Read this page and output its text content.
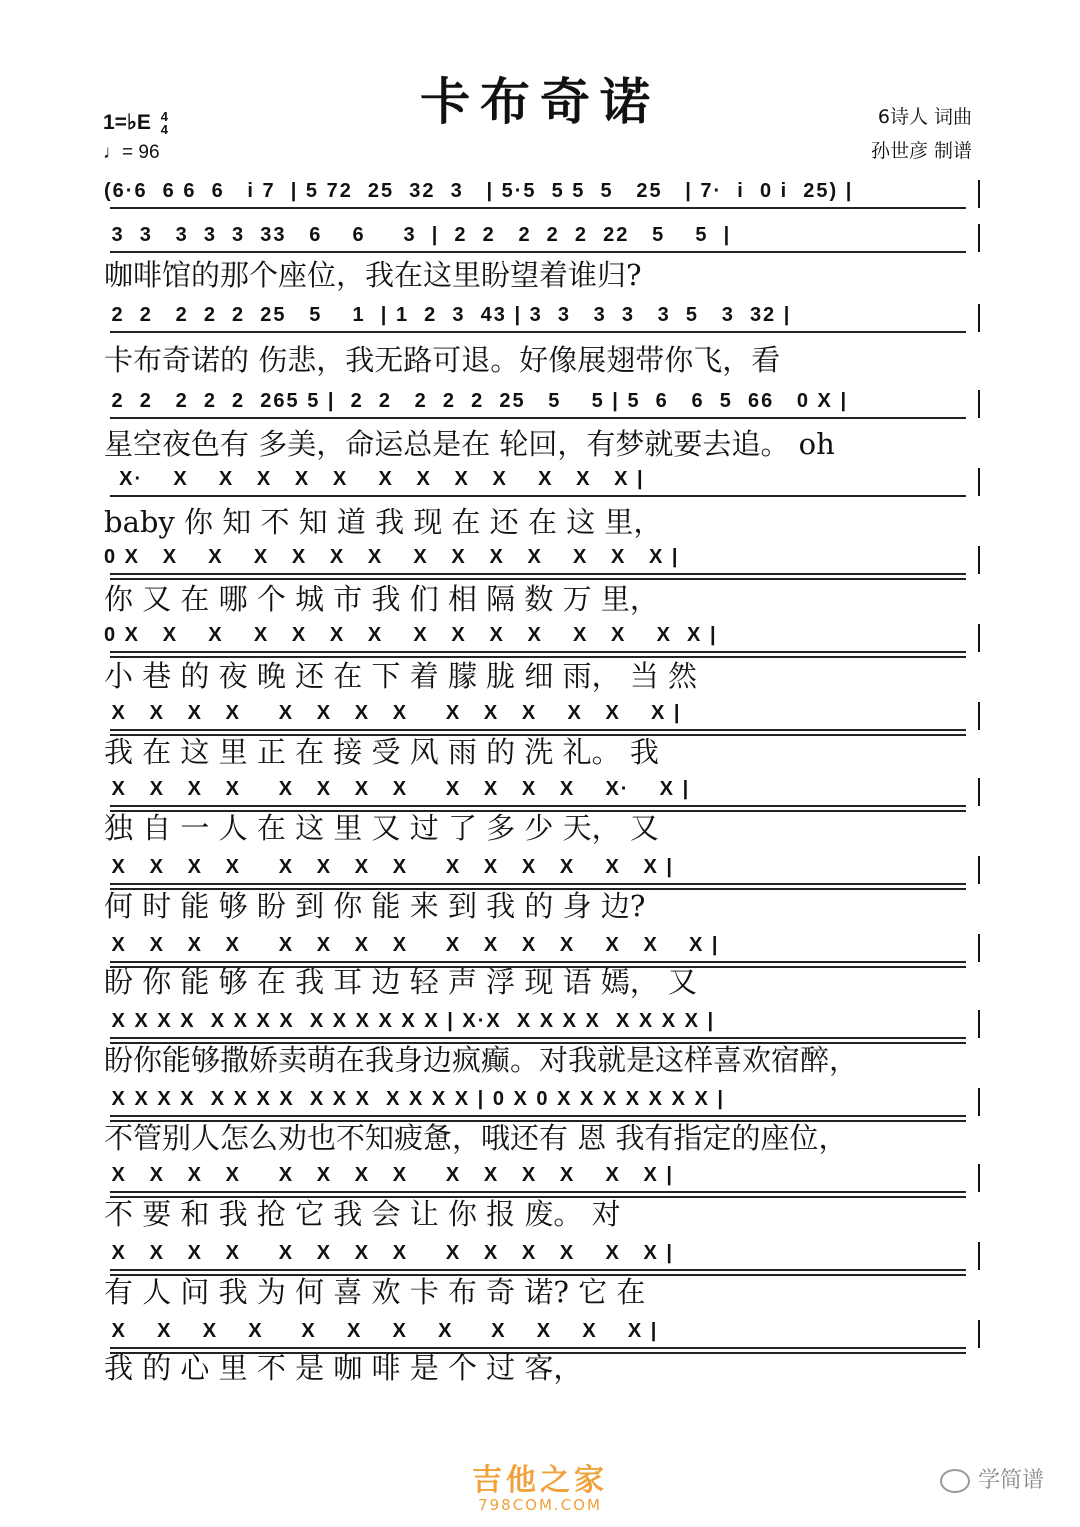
卡布奇诺
1=♭E 4
4
♩= 96
6诗人 词曲
孙世彦 制谱
(6·6  6 6  6   i 7  | 5 72  25  32  3   | 5·5  5 5  5   25   | 7·  i  0 i  25) |
3  3   3  3  3  33   6    6     3  |  2  2   2  2  2  22   5    5  |
咖啡馆的那个座位，我在这里盼望着谁归?
2  2   2  2  2  25   5    1  | 1  2  3  43 | 3  3   3  3   3  5   3  32 |
卡布奇诺的 伤悲，我无路可退。好像展翅带你飞，看
2  2   2  2  2  265 5 |  2  2   2  2  2  25   5    5 | 5  6   6  5  66   0 X |
星空夜色有 多美，命运总是在 轮回，有梦就要去追。 oh
X·    X    X   X   X   X    X   X   X   X    X   X   X |
baby 你 知 不 知 道 我 现 在 还 在 这 里，
0 X   X    X    X   X   X   X    X   X   X   X    X   X   X |
你 又 在 哪 个 城 市 我 们 相 隔 数 万 里，
0 X   X    X    X   X   X   X    X   X   X   X    X   X    X  X |
小 巷 的 夜 晚 还 在 下 着 朦 胧 细 雨， 当 然
X   X   X   X     X   X   X   X     X   X   X    X   X    X |
我 在 这 里 正 在 接 受 风 雨 的 洗 礼。 我
X   X   X   X     X   X   X   X     X   X   X   X    X·    X |
独 自 一 人 在 这 里 又 过 了 多 少 天， 又
X   X   X   X     X   X   X   X     X   X   X   X    X   X |
何 时 能 够 盼 到 你 能 来 到 我 的 身 边?
X   X   X   X     X   X   X   X     X   X   X   X    X   X    X |
盼 你 能 够 在 我 耳 边 轻 声 浮 现 语 嫣， 又
X X X X  X X X X  X X X X X X | X·X  X X X X  X X X X |
盼你能够撒娇卖萌在我身边疯癫。对我就是这样喜欢宿醉，
X X X X  X X X X  X X X  X X X X | 0 X 0 X X X X X X X |
不管别人怎么劝也不知疲惫，哦还有 恩 我有指定的座位，
X   X   X   X     X   X   X   X     X   X   X   X    X   X |
不 要 和 我 抢 它 我 会 让 你 报 废。 对
X   X   X   X     X   X   X   X     X   X   X   X    X   X |
有 人 问 我 为 何 喜 欢 卡 布 奇 诺? 它 在
X    X    X    X     X    X    X    X     X    X    X    X |
我 的 心 里 不 是 咖 啡 是 个 过 客，
吉他之家
798COM.COM
学简谱
